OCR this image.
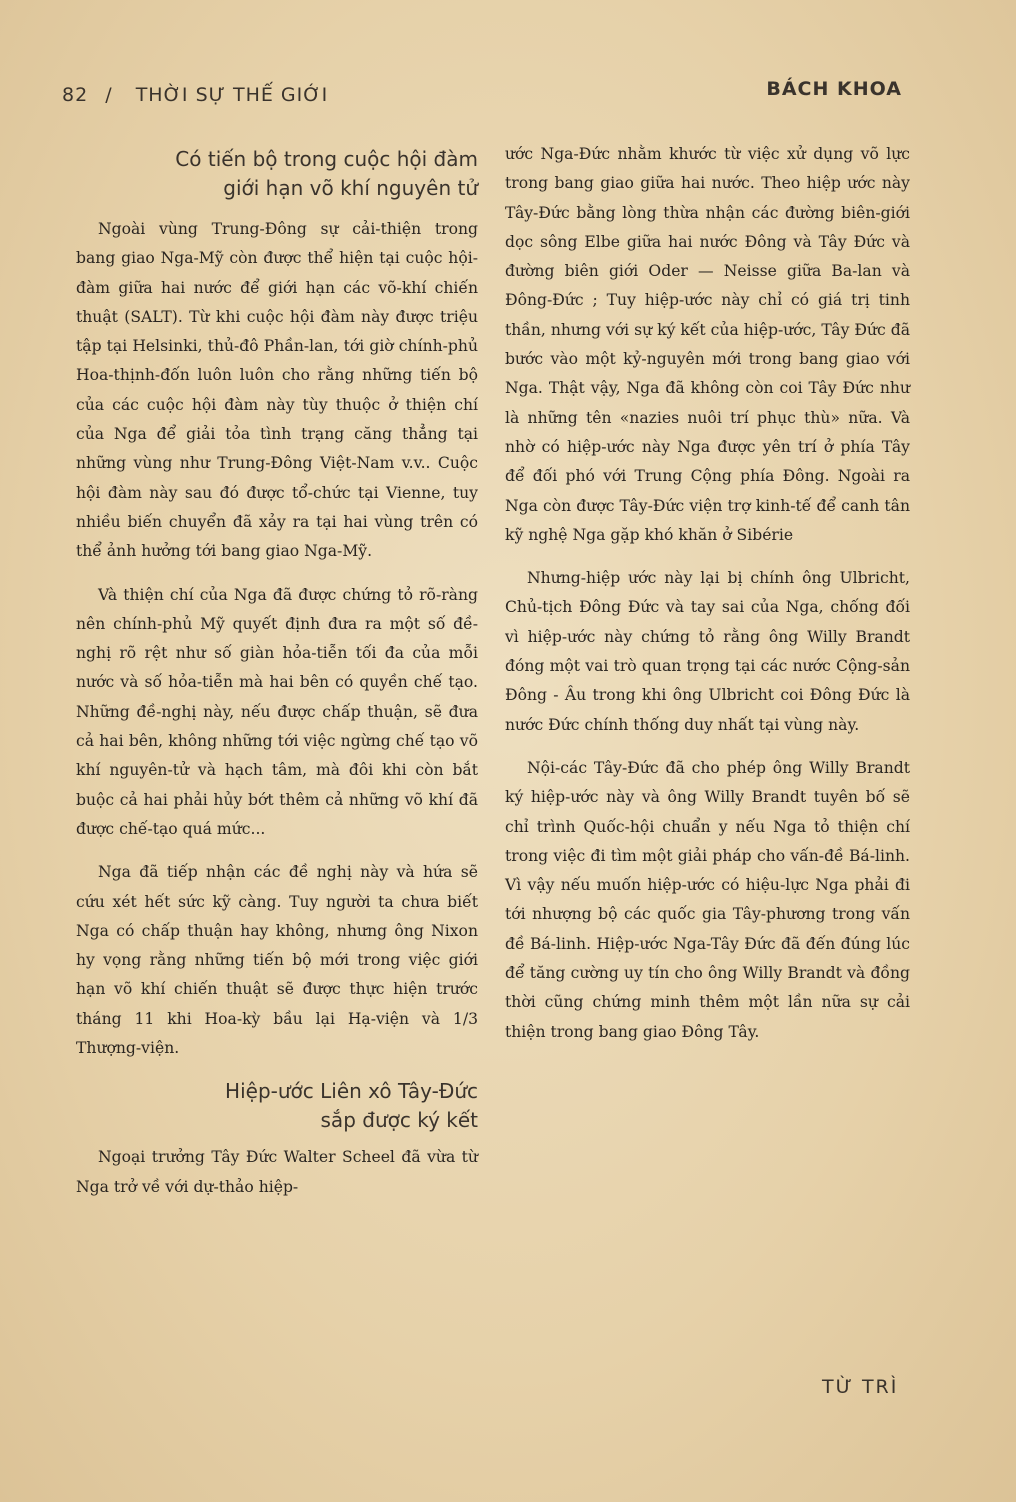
82 / THỜI SỰ THẾ GIỚI	BÁCH KHOA
Có tiến bộ trong cuộc hội đàm
giới hạn võ khí nguyên tử

Ngoài vùng Trung-Đông sự cải-thiện trong bang giao Nga-Mỹ còn được thể hiện tại cuộc hội-đàm giữa hai nước để giới hạn các võ-khí chiến thuật (SALT). Từ khi cuộc hội đàm này được triệu tập tại Helsinki, thủ-đô Phần-lan, tới giờ chính-phủ Hoa-thịnh-đốn luôn luôn cho rằng những tiến bộ của các cuộc hội đàm này tùy thuộc ở thiện chí của Nga để giải tỏa tình trạng căng thẳng tại những vùng như Trung-Đông Việt-Nam v.v.. Cuộc hội đàm này sau đó được tổ-chức tại Vienne, tuy nhiều biến chuyển đã xảy ra tại hai vùng trên có thể ảnh hưởng tới bang giao Nga-Mỹ.

Và thiện chí của Nga đã được chứng tỏ rõ-ràng nên chính-phủ Mỹ quyết định đưa ra một số đề-nghị rõ rệt như số giàn hỏa-tiễn tối đa của mỗi nước và số hỏa-tiễn mà hai bên có quyền chế tạo. Những đề-nghị này, nếu được chấp thuận, sẽ đưa cả hai bên, không những tới việc ngừng chế tạo võ khí nguyên-tử và hạch tâm, mà đôi khi còn bắt buộc cả hai phải hủy bớt thêm cả những võ khí đã được chế-tạo quá mức...

Nga đã tiếp nhận các đề nghị này và hứa sẽ cứu xét hết sức kỹ càng. Tuy người ta chưa biết Nga có chấp thuận hay không, nhưng ông Nixon hy vọng rằng những tiến bộ mới trong việc giới hạn võ khí chiến thuật sẽ được thực hiện trước tháng 11 khi Hoa-kỳ bầu lại Hạ-viện và 1/3 Thượng-viện.

Hiệp-ước Liên xô Tây-Đức
sắp được ký kết

Ngoại trưởng Tây Đức Walter Scheel đã vừa từ Nga trở về với dự-thảo hiệp-

ước Nga-Đức nhằm khước từ việc xử dụng võ lực trong bang giao giữa hai nước. Theo hiệp ước này Tây-Đức bằng lòng thừa nhận các đường biên-giới dọc sông Elbe giữa hai nước Đông và Tây Đức và đường biên giới Oder — Neisse giữa Ba-lan và Đông-Đức ; Tuy hiệp-ước này chỉ có giá trị tinh thần, nhưng với sự ký kết của hiệp-ước, Tây Đức đã bước vào một kỷ-nguyên mới trong bang giao với Nga. Thật vậy, Nga đã không còn coi Tây Đức như là những tên «nazies nuôi trí phục thù» nữa. Và nhờ có hiệp-ước này Nga được yên trí ở phía Tây để đối phó với Trung Cộng phía Đông. Ngoài ra Nga còn được Tây-Đức viện trợ kinh-tế để canh tân kỹ nghệ Nga gặp khó khăn ở Sibérie

Nhưng-hiệp ước này lại bị chính ông Ulbricht, Chủ-tịch Đông Đức và tay sai của Nga, chống đối vì hiệp-ước này chứng tỏ rằng ông Willy Brandt đóng một vai trò quan trọng tại các nước Cộng-sản Đông - Âu trong khi ông Ulbricht coi Đông Đức là nước Đức chính thống duy nhất tại vùng này.

Nội-các Tây-Đức đã cho phép ông Willy Brandt ký hiệp-ước này và ông Willy Brandt tuyên bố sẽ chỉ trình Quốc-hội chuẩn y nếu Nga tỏ thiện chí trong việc đi tìm một giải pháp cho vấn-đề Bá-linh. Vì vậy nếu muốn hiệp-ước có hiệu-lực Nga phải đi tới nhượng bộ các quốc gia Tây-phương trong vấn đề Bá-linh. Hiệp-ước Nga-Tây Đức đã đến đúng lúc để tăng cường uy tín cho ông Willy Brandt và đồng thời cũng chứng minh thêm một lần nữa sự cải thiện trong bang giao Đông Tây.

TỪ TRÌ
